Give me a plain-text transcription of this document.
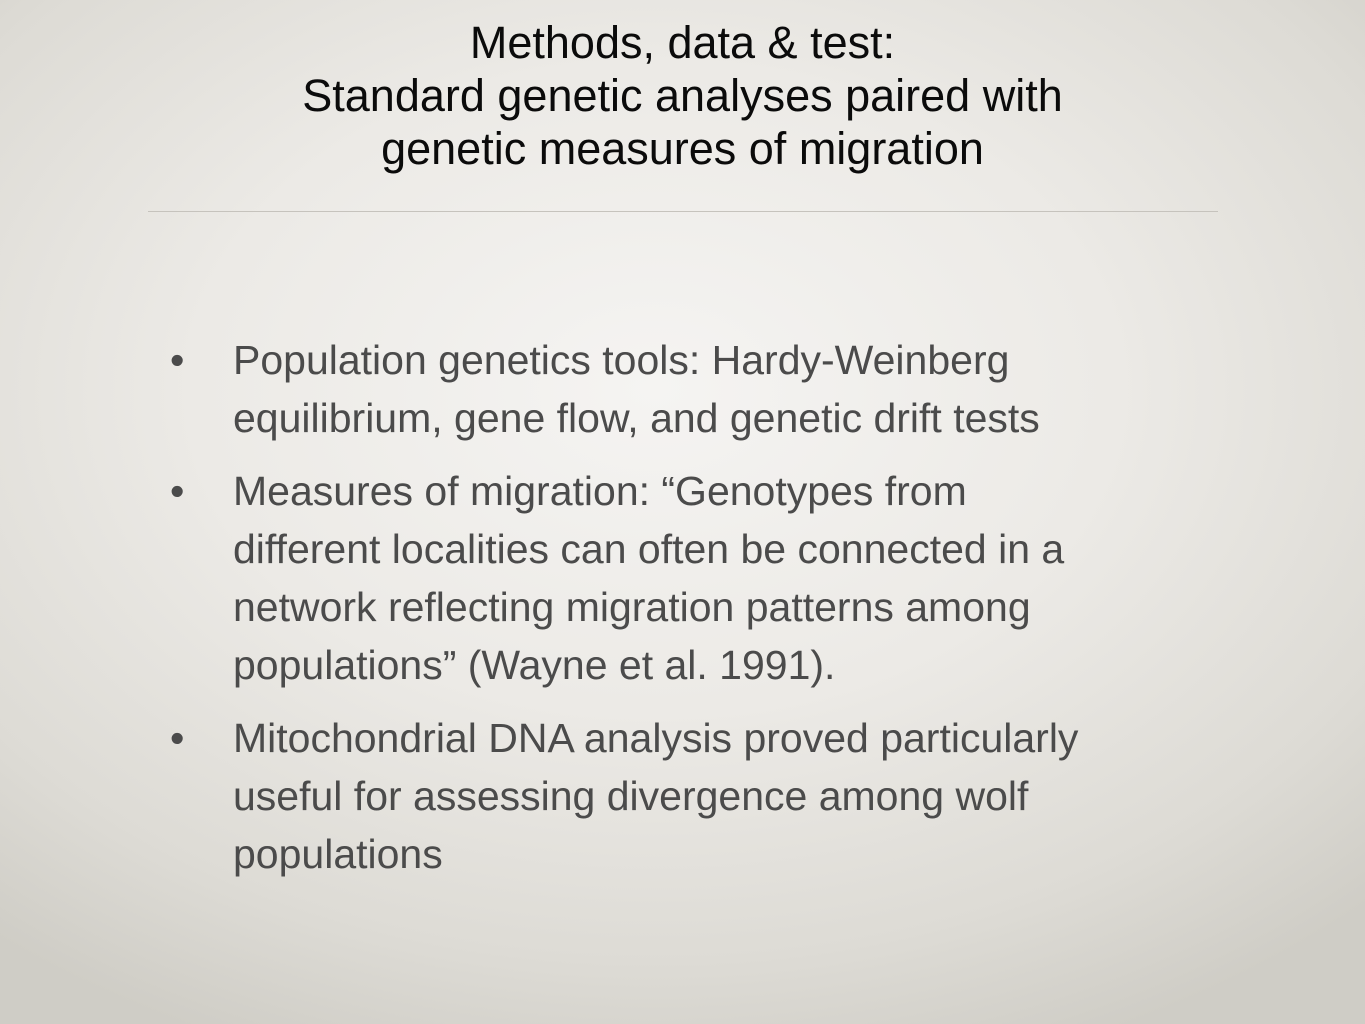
Methods, data & test:
Standard genetic analyses paired with
genetic measures of migration
•	Population genetics tools: Hardy-Weinberg
equilibrium, gene flow, and genetic drift tests
•	Measures of migration: “Genotypes from
different localities can often be connected in a
network reflecting migration patterns among
populations” (Wayne et al. 1991).
•	Mitochondrial DNA analysis proved particularly
useful for assessing divergence among wolf
populations
